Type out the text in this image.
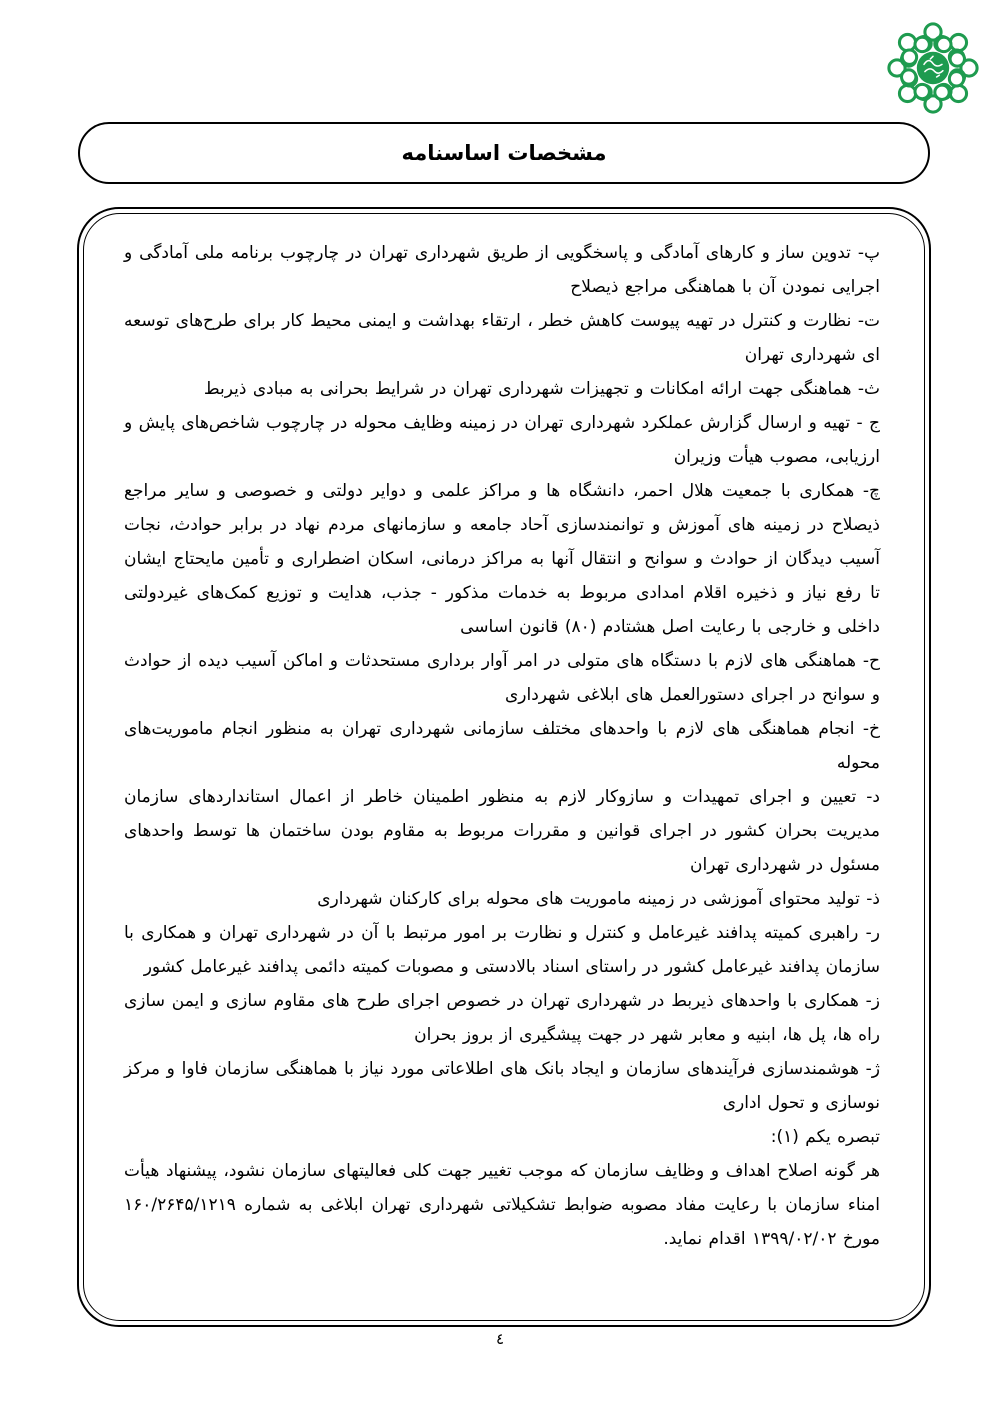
مشخصات اساسنامه

پ- تدوین ساز و کارهای آمادگی و پاسخگویی از طریق شهرداری تهران در چارچوب برنامه ملی آمادگی و اجرایی نمودن آن با هماهنگی مراجع ذیصلاح

ت- نظارت و کنترل در تهیه پیوست کاهش خطر ، ارتقاء بهداشت و ایمنی محیط کار برای طرح‌های توسعه ای شهرداری تهران

ث- هماهنگی جهت ارائه امکانات و تجهیزات شهرداری تهران در شرایط بحرانی به مبادی ذیربط

ج - تهیه و ارسال گزارش عملکرد شهرداری تهران در زمینه وظایف محوله در چارچوب شاخص‌های پایش و ارزیابی، مصوب هیأت وزیران

چ- همکاری با جمعیت هلال احمر، دانشگاه ها و مراکز علمی و دوایر دولتی و خصوصی و سایر مراجع ذیصلاح در زمینه های آموزش و توانمندسازی آحاد جامعه و سازمانهای مردم نهاد در برابر حوادث، نجات آسیب دیدگان از حوادث و سوانح و انتقال آنها به مراکز درمانی، اسکان اضطراری و تأمین مایحتاج ایشان تا رفع نیاز و ذخیره اقلام امدادی مربوط به خدمات مذکور - جذب، هدایت و توزیع کمک‌های غیردولتی داخلی و خارجی با رعایت اصل هشتادم (۸۰) قانون اساسی

ح- هماهنگی های لازم با دستگاه های متولی در امر آوار برداری مستحدثات و اماکن آسیب دیده از حوادث و سوانح در اجرای دستورالعمل های ابلاغی شهرداری

خ- انجام هماهنگی های لازم با واحدهای مختلف سازمانی شهرداری تهران به منظور انجام ماموریت‌های محوله

د- تعیین و اجرای تمهیدات و سازوکار لازم به منظور اطمینان خاطر از اعمال استانداردهای سازمان مدیریت بحران کشور در اجرای قوانین و مقررات مربوط به مقاوم بودن ساختمان ها توسط واحدهای مسئول در شهرداری تهران

ذ- تولید محتوای آموزشی در زمینه ماموریت های محوله برای کارکنان شهرداری

ر- راهبری کمیته پدافند غیرعامل و کنترل و نظارت بر امور مرتبط با آن در شهرداری تهران و همکاری با سازمان پدافند غیرعامل کشور در راستای اسناد بالادستی و مصوبات کمیته دائمی پدافند غیرعامل کشور

ز- همکاری با واحدهای ذیربط در شهرداری تهران در خصوص اجرای طرح های مقاوم سازی و ایمن سازی راه ها، پل ها، ابنیه و معابر شهر در جهت پیشگیری از بروز بحران

ژ- هوشمندسازی فرآیندهای سازمان و ایجاد بانک های اطلاعاتی مورد نیاز با هماهنگی سازمان فاوا و مرکز نوسازی و تحول اداری

تبصره یکم (۱):

هر گونه اصلاح اهداف و وظایف سازمان که موجب تغییر جهت کلی فعالیتهای سازمان نشود، پیشنهاد هیأت امناء سازمان با رعایت مفاد مصوبه ضوابط تشکیلاتی شهرداری تهران ابلاغی به شماره ۱۶۰/۲۶۴۵/۱۲۱۹ مورخ ۱۳۹۹/۰۲/۰۲ اقدام نماید.

٤
